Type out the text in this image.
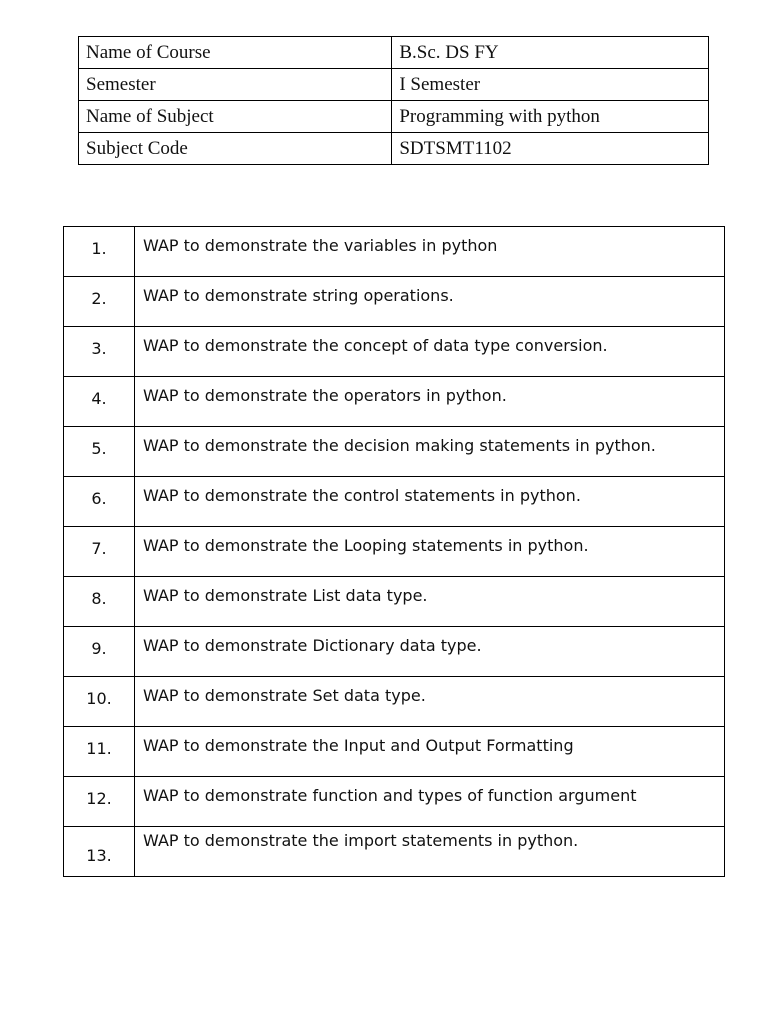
Name of Course	B.Sc. DS FY
Semester	I Semester
Name of Subject	Programming with python
Subject Code	SDTSMT1102
1.	WAP to demonstrate the variables in python
2.	WAP to demonstrate string operations.
3.	WAP to demonstrate the concept of data type conversion.
4.	WAP to demonstrate the operators in python.
5.	WAP to demonstrate the decision making statements in python.
6.	WAP to demonstrate the control statements in python.
7.	WAP to demonstrate the Looping statements in python.
8.	WAP to demonstrate List data type.
9.	WAP to demonstrate Dictionary data type.
10.	WAP to demonstrate Set data type.
11.	WAP to demonstrate the Input and Output Formatting
12.	WAP to demonstrate function and types of function argument
13.	WAP to demonstrate the import statements in python.
